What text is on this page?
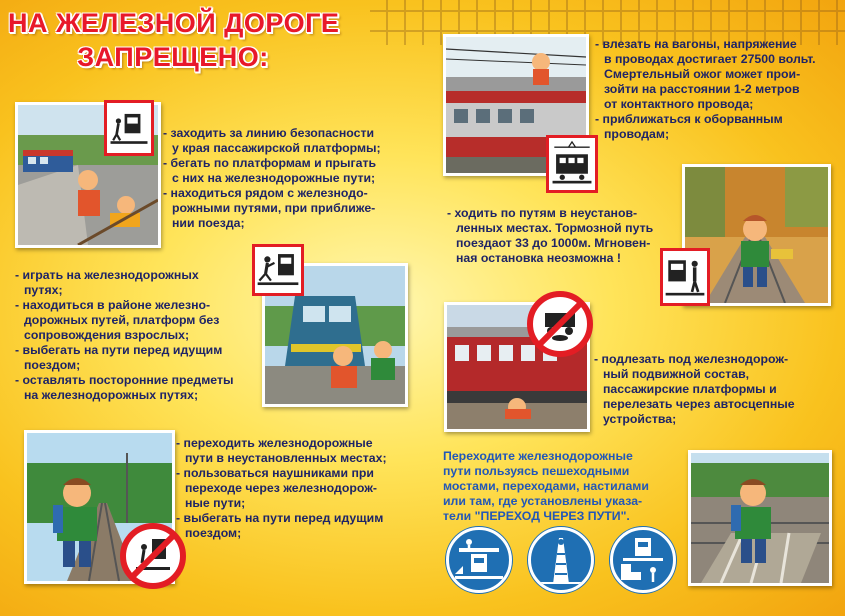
НА ЖЕЛЕЗНОЙ ДОРОГЕ
ЗАПРЕЩЕНО:
- заходить за линию безопасности
у края пассажирской платформы;
- бегать по платформам и прыгать
с них на железнодорожные пути;
- находиться рядом с железнодо-
рожными путями, при приближе-
нии поезда;
- влезать на вагоны, напряжение
в проводах достигает 27500 вольт.
Смертельный ожог может прои-
зойти на расстоянии 1-2 метров
от контактного провода;
- приближаться к оборванным
проводам;
- ходить по путям в неустанов-
ленных местах. Тормозной путь
поездаот 33 до 1000м. Мгновен-
ная остановка неозможна !
- играть на железнодорожных
путях;
- находиться в районе железно-
дорожных путей, платформ без
сопровождения взрослых;
- выбегать на пути перед идущим
поездом;
- оставлять посторонние предметы
на железнодорожных путях;
- подлезать под железнодорож-
ный подвижной состав,
пассажирские платформы и
перелезать через автосцепные
устройства;
- переходить железнодорожные
пути в неустановленных местах;
- пользоваться наушниками при
переходе через железнодорож-
ные пути;
- выбегать на пути перед идущим
поездом;
Переходите железнодорожные
пути пользуясь пешеходными
мостами, переходами, настилами
или там, где установлены указа-
тели "ПЕРЕХОД ЧЕРЕЗ ПУТИ".
